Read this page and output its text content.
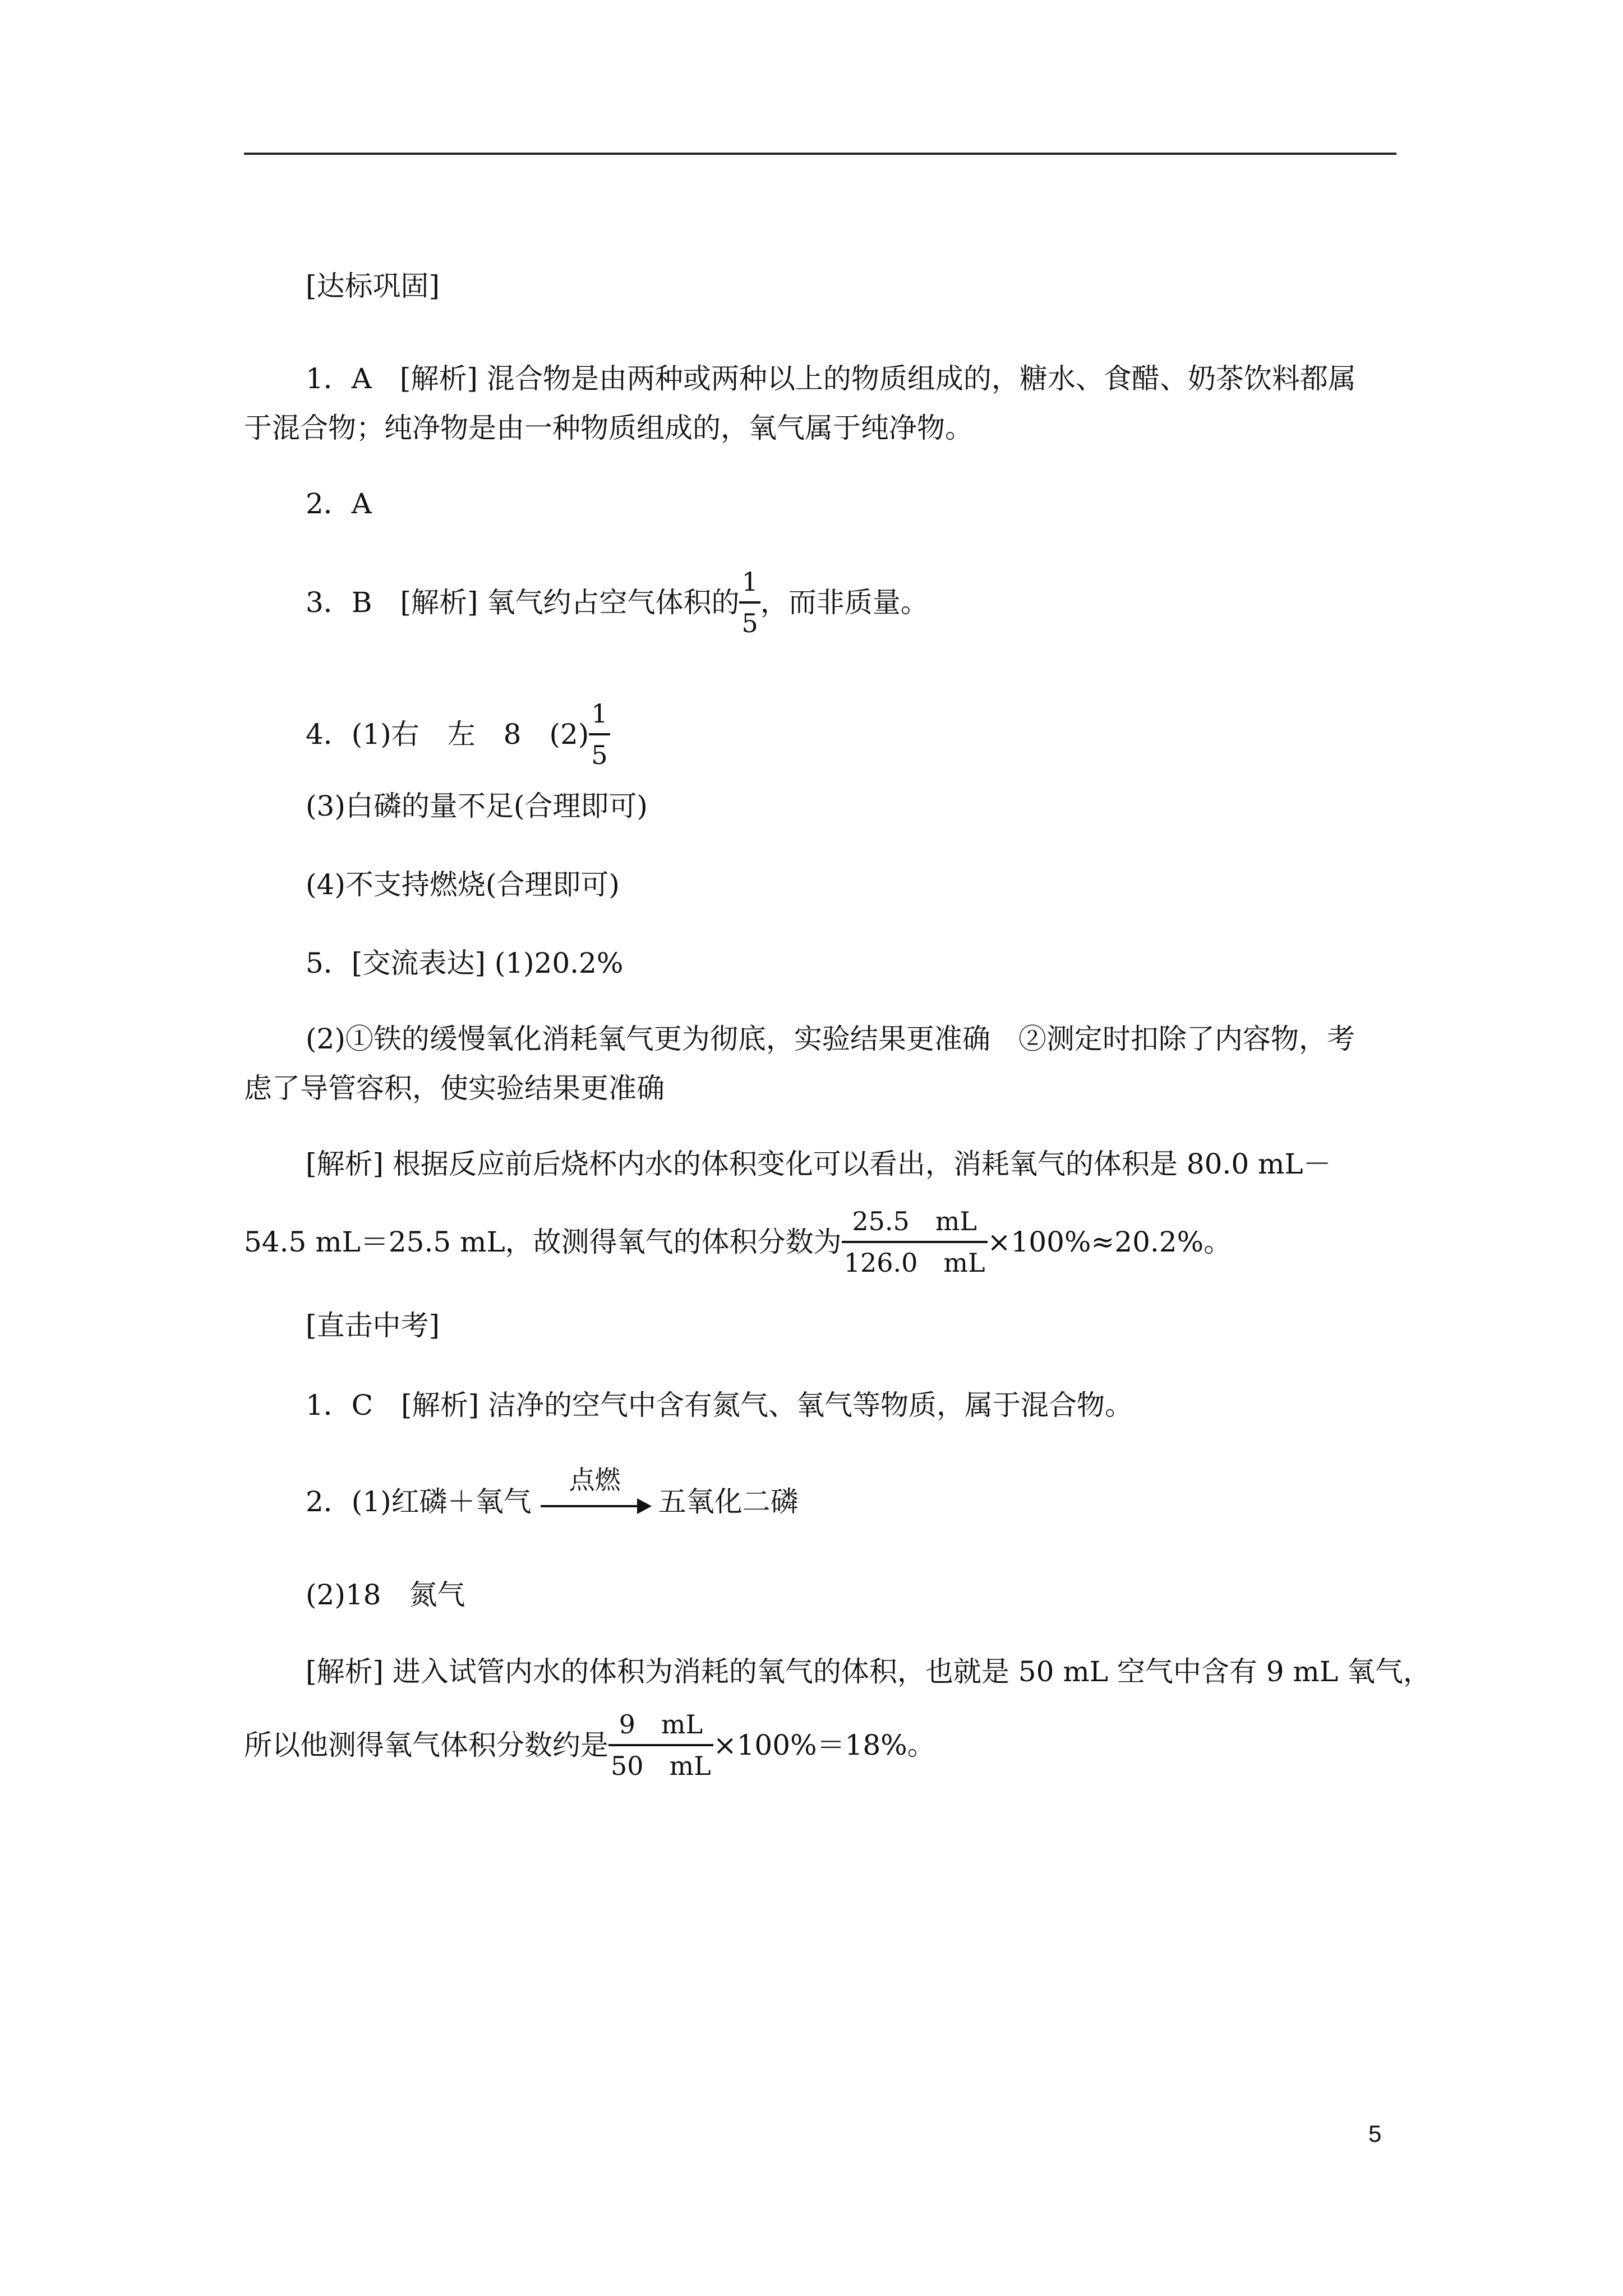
[达标巩固]
1．A　[解析] 混合物是由两种或两种以上的物质组成的，糖水、食醋、奶茶饮料都属
于混合物；纯净物是由一种物质组成的，氧气属于纯净物。
2．A
3．B　[解析] 氧气约占空气体积的 $\frac{1}{5}$ ，而非质量。
4．(1)右　左　8　$(2) \frac{1}{5}$
(3)白磷的量不足(合理即可)
(4)不支持燃烧(合理即可)
5．[交流表达] (1)20.2%
(2)①铁的缓慢氧化消耗氧气更为彻底，实验结果更准确　②测定时扣除了内容物，考
虑了导管容积，使实验结果更准确
[解析] 根据反应前后烧杯内水的体积变化可以看出，消耗氧气的体积是 80.0 mL－
54.5 mL＝25.5 mL，故测得氧气的体积分数为 $\frac{25.5 mL}{126.0 mL} \times 100\%\approx 20.2\%$。
[直击中考]
1．C　[解析] 洁净的空气中含有氮气、氧气等物质，属于混合物。
2．(1)红磷＋氧气
点燃
五氧化二磷
(2)18　氮气
[解析] 进入试管内水的体积为消耗的氧气的体积，也就是 50 mL 空气中含有 9 mL 氧气，
所以他测得氧气体积分数约是 $\frac{9 mL}{50 mL} \times 100\%=18\%$。
5
